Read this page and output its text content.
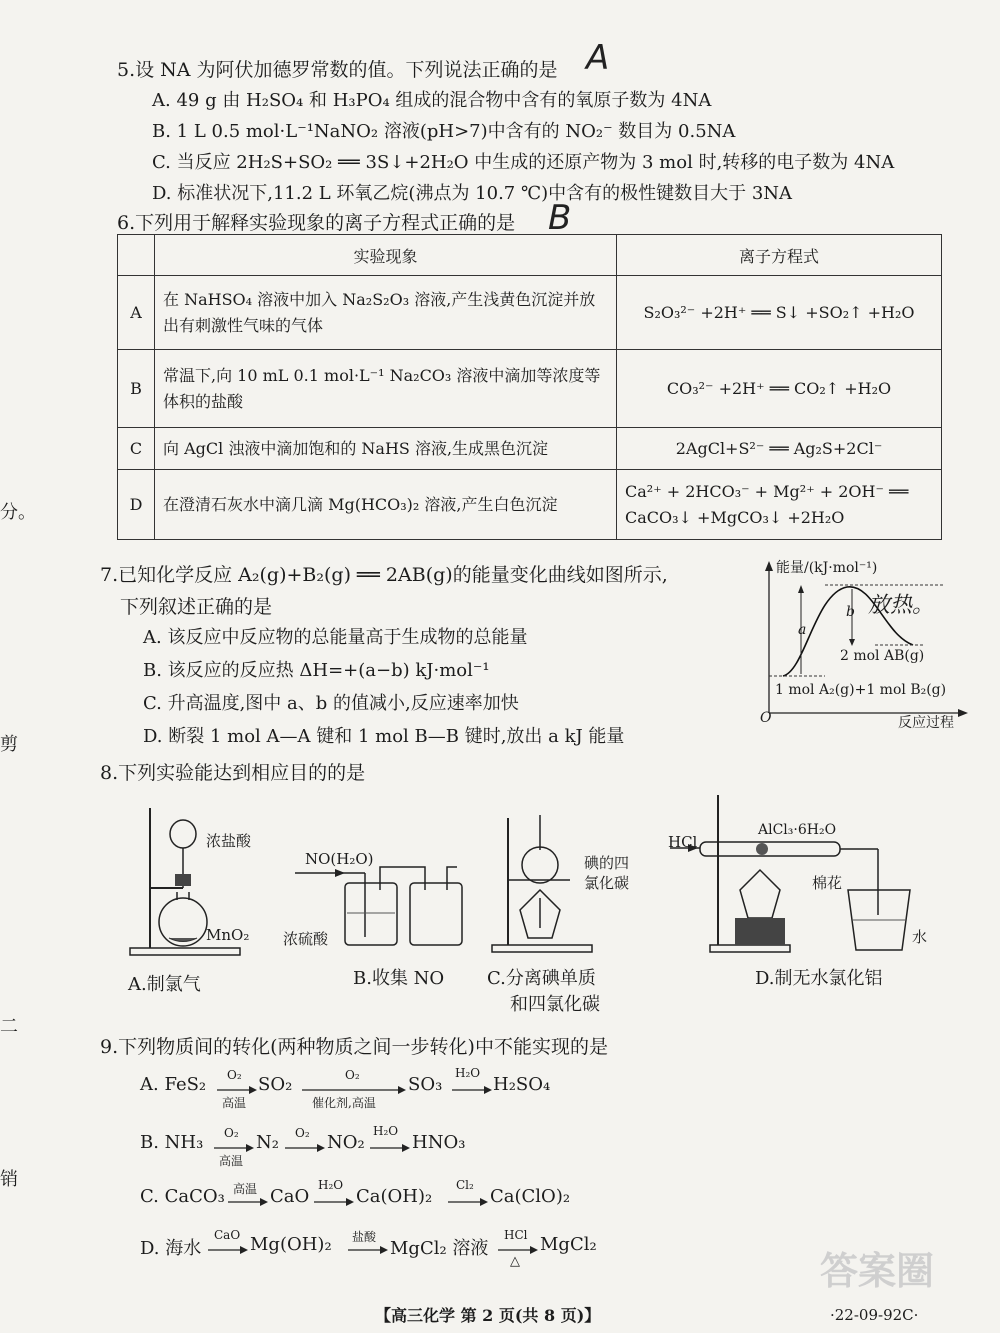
分。
剪
二
销
5.设 NA 为阿伏加德罗常数的值。下列说法正确的是 A
A. 49 g 由 H₂SO₄ 和 H₃PO₄ 组成的混合物中含有的氧原子数为 4NA
B. 1 L 0.5 mol·L⁻¹NaNO₂ 溶液(pH>7)中含有的 NO₂⁻ 数目为 0.5NA
C. 当反应 2H₂S+SO₂ ══ 3S↓+2H₂O 中生成的还原产物为 3 mol 时,转移的电子数为 4NA
D. 标准状况下,11.2 L 环氧乙烷(沸点为 10.7 ℃)中含有的极性键数目大于 3NA
6.下列用于解释实验现象的离子方程式正确的是 B
	实验现象	离子方程式
A	在 NaHSO₄ 溶液中加入 Na₂S₂O₃ 溶液,产生浅黄色沉淀并放出有刺激性气味的气体	S₂O₃²⁻ +2H⁺ ══ S↓ +SO₂↑ +H₂O
B	常温下,向 10 mL 0.1 mol·L⁻¹ Na₂CO₃ 溶液中滴加等浓度等体积的盐酸	CO₃²⁻ +2H⁺ ══ CO₂↑ +H₂O
C	向 AgCl 浊液中滴加饱和的 NaHS 溶液,生成黑色沉淀	2AgCl+S²⁻ ══ Ag₂S+2Cl⁻
D	在澄清石灰水中滴几滴 Mg(HCO₃)₂ 溶液,产生白色沉淀	Ca²⁺ + 2HCO₃⁻ + Mg²⁺ + 2OH⁻ ══ CaCO₃↓ +MgCO₃↓ +2H₂O
7.已知化学反应 A₂(g)+B₂(g) ══ 2AB(g)的能量变化曲线如图所示,
下列叙述正确的是
A. 该反应中反应物的总能量高于生成物的总能量
B. 该反应的反应热 ΔH=+(a−b) kJ·mol⁻¹
C. 升高温度,图中 a、b 的值减小,反应速率加快
D. 断裂 1 mol A—A 键和 1 mol B—B 键时,放出 a kJ 能量
能量/(kJ·mol⁻¹)
a
b 放热。
2 mol AB(g)
1 mol A₂(g)+1 mol B₂(g)
O	反应过程
8.下列实验能达到相应目的的是
浓盐酸
MnO₂
A.制氯气
NO(H₂O)
浓硫酸
B.收集 NO
碘的四
氯化碳
C.分离碘单质
和四氯化碳
HCl
AlCl₃·6H₂O
棉花
水
D.制无水氯化铝
9.下列物质间的转化(两种物质之间一步转化)中不能实现的是
A. FeS₂ O₂
高温
SO₂	O₂
催化剂,高温
SO₃
H₂O
H₂SO₄
B. NH₃ O₂
高温
N₂ O₂ NO₂
H₂O
HNO₃
C. CaCO₃ 高温 CaO
H₂O
Ca(OH)₂
Cl₂
Ca(ClO)₂
D. 海水
CaO Mg(OH)₂ 盐酸
MgCl₂ 溶液
HCl
△
MgCl₂
【高三化学 第 2 页(共 8 页)】	·22-09-92C·
答案圈
